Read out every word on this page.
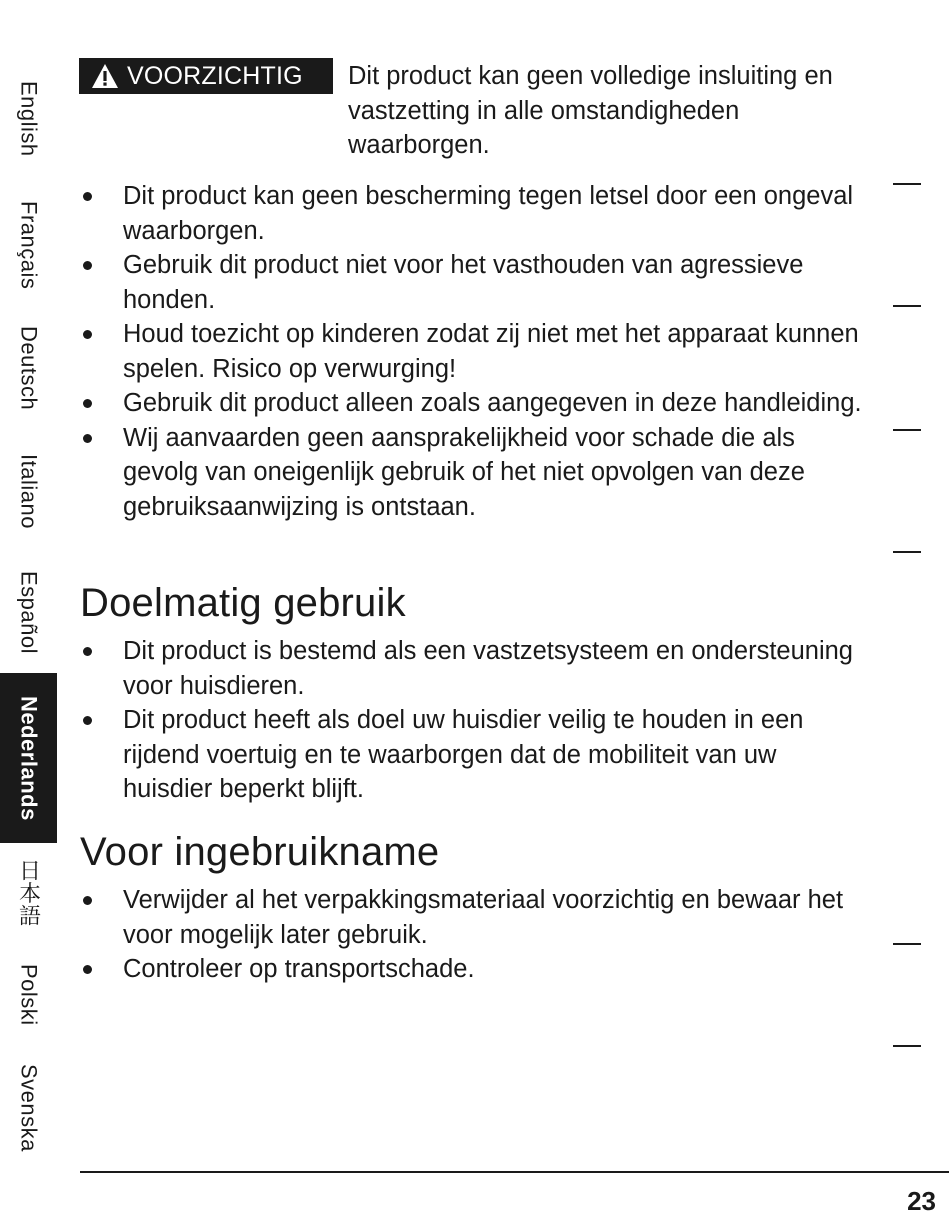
VOORZICHTIG Dit product kan geen volledige insluiting en vastzetting in alle omstandigheden waarborgen.

Dit product kan geen bescherming tegen letsel door een ongeval waarborgen.
Gebruik dit product niet voor het vasthouden van agressieve honden.
Houd toezicht op kinderen zodat zij niet met het apparaat kunnen spelen. Risico op verwurging!
Gebruik dit product alleen zoals aangegeven in deze handleiding.
Wij aanvaarden geen aansprakelijkheid voor schade die als gevolg van oneigenlijk gebruik of het niet opvolgen van deze gebruiksaanwijzing is ontstaan.
Doelmatig gebruik
Dit product is bestemd als een vastzetsysteem en ondersteuning voor huisdieren.
Dit product heeft als doel uw huisdier veilig te houden in een rijdend voertuig en te waarborgen dat de mobiliteit van uw huisdier beperkt blijft.
Voor ingebruikname
Verwijder al het verpakkingsmateriaal voorzichtig en bewaar het voor mogelijk later gebruik.
Controleer op transportschade.
English
Français
Deutsch
Italiano
Español
Nederlands
日本語
Polski
Svenska
23
